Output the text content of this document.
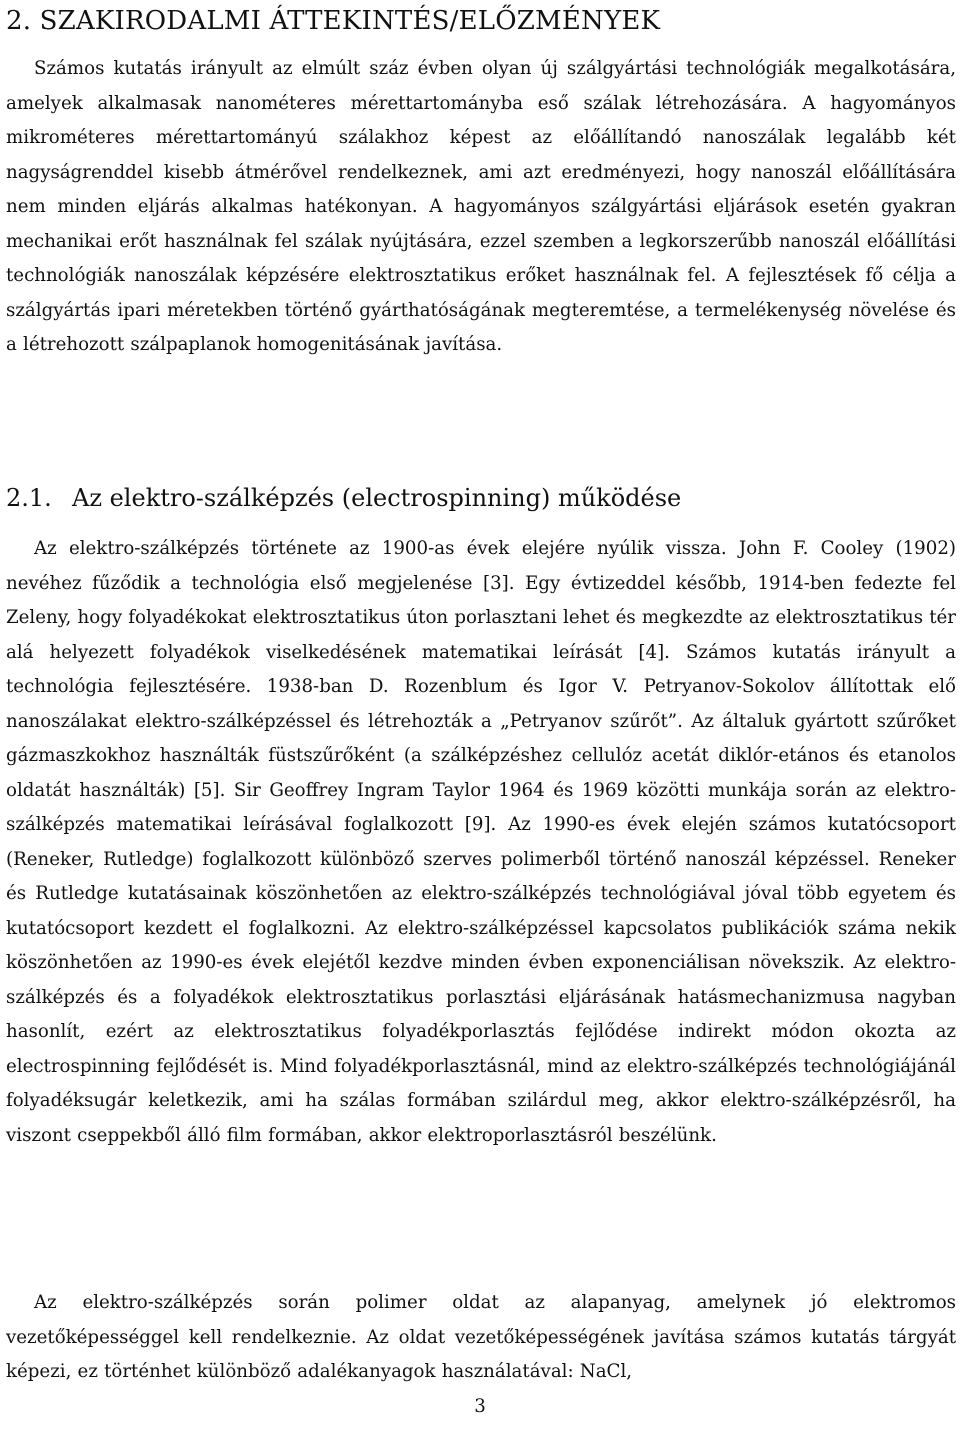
2. SZAKIRODALMI ÁTTEKINTÉS/ELŐZMÉNYEK

Számos kutatás irányult az elmúlt száz évben olyan új szálgyártási technológiák megalkotására, amelyek alkalmasak nanométeres mérettartományba eső szálak létrehozására. A hagyományos mikrométeres mérettartományú szálakhoz képest az előállítandó nanoszálak legalább két nagyságrenddel kisebb átmérővel rendelkeznek, ami azt eredményezi, hogy nanoszál előállítására nem minden eljárás alkalmas hatékonyan. A hagyományos szálgyártási eljárások esetén gyakran mechanikai erőt használnak fel szálak nyújtására, ezzel szemben a legkorszerűbb nanoszál előállítási technológiák nanoszálak képzésére elektrosztatikus erőket használnak fel. A fejlesztések fő célja a szálgyártás ipari méretekben történő gyárthatóságának megteremtése, a termelékenység növelése és a létrehozott szálpaplanok homogenitásának javítása.

2.1. Az elektro-szálképzés (electrospinning) működése

Az elektro-szálképzés története az 1900-as évek elejére nyúlik vissza. John F. Cooley (1902) nevéhez fűződik a technológia első megjelenése [3]. Egy évtizeddel később, 1914-ben fedezte fel Zeleny, hogy folyadékokat elektrosztatikus úton porlasztani lehet és megkezdte az elektrosztatikus tér alá helyezett folyadékok viselkedésének matematikai leírását [4]. Számos kutatás irányult a technológia fejlesztésére. 1938-ban D. Rozenblum és Igor V. Petryanov-Sokolov állítottak elő nanoszálakat elektro-szálképzéssel és létrehozták a „Petryanov szűrőt”. Az általuk gyártott szűrőket gázmaszkokhoz használták füstszűrőként (a szálképzéshez cellulóz acetát diklór-etános és etanolos oldatát használták) [5]. Sir Geoffrey Ingram Taylor 1964 és 1969 közötti munkája során az elektro-szálképzés matematikai leírásával foglalkozott [9]. Az 1990-es évek elején számos kutatócsoport (Reneker, Rutledge) foglalkozott különböző szerves polimerből történő nanoszál képzéssel. Reneker és Rutledge kutatásainak köszönhetően az elektro-szálképzés technológiával jóval több egyetem és kutatócsoport kezdett el foglalkozni. Az elektro-szálképzéssel kapcsolatos publikációk száma nekik köszönhetően az 1990-es évek elejétől kezdve minden évben exponenciálisan növekszik. Az elektro-szálképzés és a folyadékok elektrosztatikus porlasztási eljárásának hatásmechanizmusa nagyban hasonlít, ezért az elektrosztatikus folyadékporlasztás fejlődése indirekt módon okozta az electrospinning fejlődését is. Mind folyadékporlasztásnál, mind az elektro-szálképzés technológiájánál folyadéksugár keletkezik, ami ha szálas formában szilárdul meg, akkor elektro-szálképzésről, ha viszont cseppekből álló film formában, akkor elektroporlasztásról beszélünk.

Az elektro-szálképzés során polimer oldat az alapanyag, amelynek jó elektromos vezetőképességgel kell rendelkeznie. Az oldat vezetőképességének javítása számos kutatás tárgyát képezi, ez történhet különböző adalékanyagok használatával: NaCl,

3
